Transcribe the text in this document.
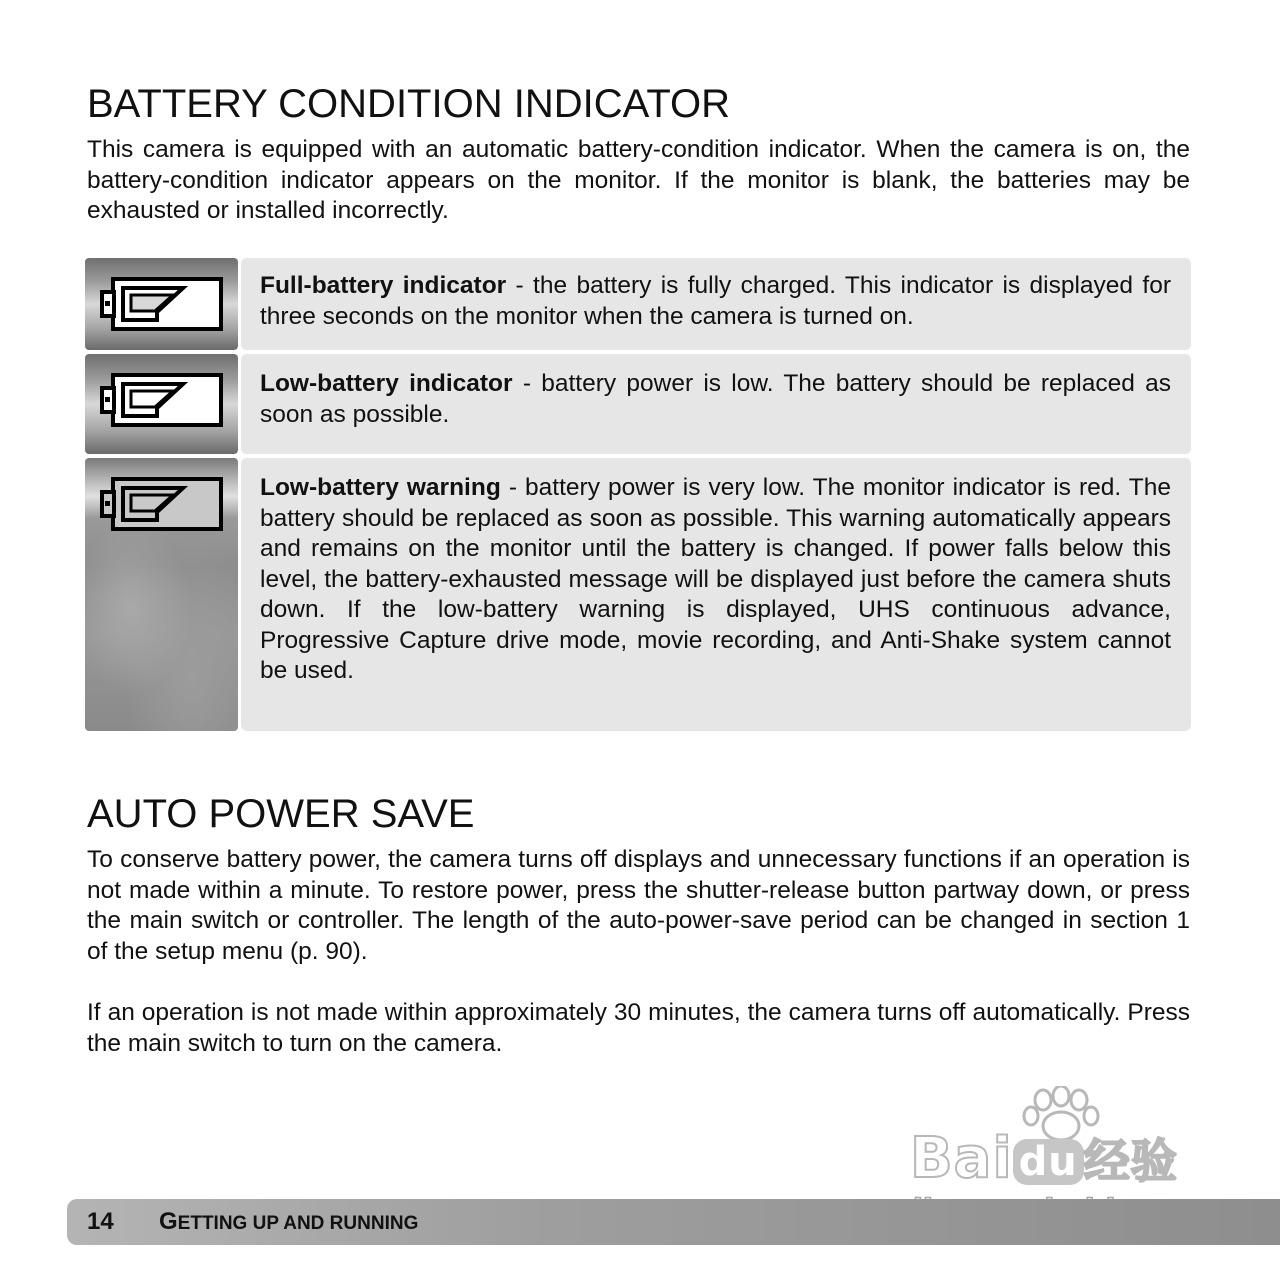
BATTERY CONDITION INDICATOR

This camera is equipped with an automatic battery-condition indicator. When the camera is on, the battery-condition indicator appears on the monitor. If the monitor is blank, the batteries may be exhausted or installed incorrectly.

Full-battery indicator - the battery is fully charged. This indicator is displayed for three seconds on the monitor when the camera is turned on.

Low-battery indicator - battery power is low. The battery should be replaced as soon as possible.

Low-battery warning - battery power is very low. The monitor indicator is red. The battery should be replaced as soon as possible. This warning automatically appears and remains on the monitor until the battery is changed. If power falls below this level, the battery-exhausted message will be displayed just before the camera shuts down. If the low-battery warning is displayed, UHS continuous advance, Progressive Capture drive mode, movie recording, and Anti-Shake system cannot be used.

AUTO POWER SAVE

To conserve battery power, the camera turns off displays and unnecessary functions if an operation is not made within a minute. To restore power, press the shutter-release button partway down, or press the main switch or controller. The length of the auto-power-save period can be changed in section 1 of the setup menu (p. 90).

If an operation is not made within approximately 30 minutes, the camera turns off automatically. Press the main switch to turn on the camera.

Bai du 经验
14 GETTING UP AND RUNNING
